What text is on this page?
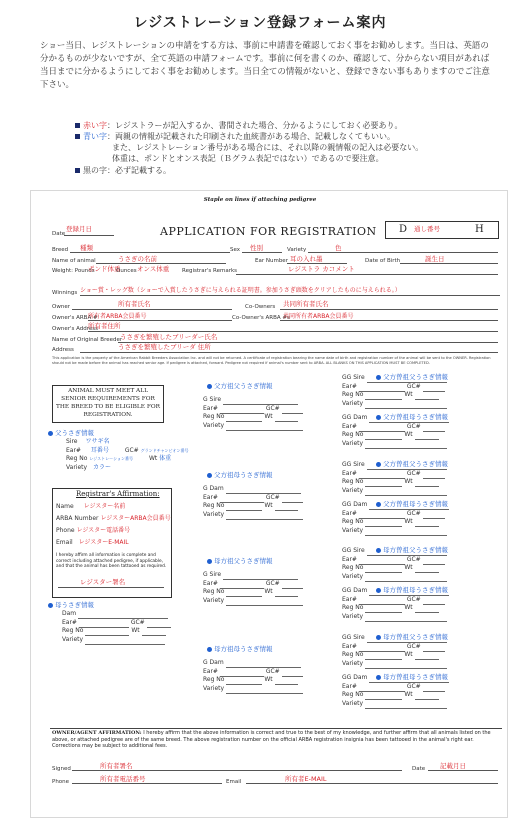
レジストレーション登録フォーム案内
ショー当日、レジストレーションの申請をする方は、事前に申請書を確認しておく事をお勧めします。当日は、英語の分かるものが少ないですが、全て英語の申請フォームです。事前に何を書くのか、確認して、分からない項目があれば当日までに分かるようにしておく事をお勧めします。当日全ての情報がないと、登録できない事もありますのでご注意下さい。
赤い字：レジストラーが記入するか、書間された場合、分かるようにしておく必要あり。
青い字：両親の情報が記載された印刷された血統書がある場合、記載しなくてもいい。
また、レジストレーション番号がある場合には、それ以降の親情報の記入は必要ない。
体重は、ポンドとオンス表記（Ｂグラム表記ではない）であるので要注意。
黒の字：必ず記載する。
Staple on lines if attaching pedigree
Date
登録月日	APPLICATION FOR REGISTRATION D 通し番号	H
Breed 種類	Sex 性別	Variety	色
Name of animal	うさぎの名前	Ear Number 耳の入れ墨	Date of Birth	誕生日
Weight: Pounds
ポンド体重
Ounces オンス体重 Registrar's Remarks	レジストラ カコメント
Winnings ショー賞・レッグ数（ショーで入賞したうさぎに与えられる証明書。参加うさぎ頭数をクリアしたものに与えられる。）
Owner	所有者氏名	Co-Owners 共同所有者氏名
Owner's ARBA #
所有者ARBA会員番号	Co-Owner's ARBA #s
共同所有者ARBA会員番号
Owner's Address
所有者住所
Name of Original Breeder
うさぎを繁殖したブリーダー氏名
Address	うさぎを繁殖したブリーダ 住所
This application is the property of the American Rabbit Breeders Association Inc. and will not be returned. A certificate of registration bearing the name date of birth and registration number of the animal will be sent to the OWNER. Registration should not be made before the animal has reached senior age. If pedigree is attached, forward. Pedigree not required if animal's number sent to ARBA. ALL BLANKS ON THIS APPLICATION MUST BE COMPLETED.
ANIMAL MUST MEET ALL SENIOR REQUIREMENTS FOR THE BREED TO BE ELIGIBLE FOR REGISTRATION.
父うさぎ情報
Sire ワサギ名
Ear# 耳番号	GC# グランドチャンピオン番号
Reg No レジストレーション番号	Wt 体重
Variety カラー
Registrar's Affirmation:
Name レジスター名前
ARBA Number レジスターARBA会員番号
Phone レジスター電話番号
Email レジスターE-MAIL
I hereby affirm all information is complete and correct including attached pedigree, if applicable, and that the animal has been tattooed as required.
レジスター署名
母うさぎ情報
Dam
Ear#	GC#
Reg No	Wt
Variety
父方祖父うさぎ情報
G Sire
Ear#	GC#
Reg No	Wt
Variety
父方祖母うさぎ情報
G Dam
Ear#	GC#
Reg No	Wt
Variety
母方祖父うさぎ情報
G Sire
Ear#	GC#
Reg No	Wt
Variety
母方祖母うさぎ情報
G Dam
Ear#	GC#
Reg No	Wt
Variety
父方曽祖父うさぎ情報
GG Sire
Ear#	GC#
Reg No	Wt
Variety
父方曽祖母うさぎ情報
GG Dam
Ear#	GC#
Reg No	Wt
Variety
父方曽祖父うさぎ情報
GG Sire
Ear#	GC#
Reg No	Wt
Variety
父方曽祖母うさぎ情報
GG Dam
Ear#	GC#
Reg No	Wt
Variety
母方曽祖父うさぎ情報
GG Sire
Ear#	GC#
Reg No	Wt
Variety
母方曽祖母うさぎ情報
GG Dam
Ear#	GC#
Reg No	Wt
Variety
母方曽祖父うさぎ情報
GG Sire
Ear#	GC#
Reg No	Wt
Variety
母方曽祖母うさぎ情報
GG Dam
Ear#	GC#
Reg No	Wt
Variety
OWNER/AGENT AFFIRMATION: I hereby affirm that the above information is correct and true to the best of my knowledge, and further affirm that all animals listed on the above, or attached pedigree are of the same breed. The above registration number on the official ARBA registration insignia has been tattooed in the animal's right ear. Corrections may be subject to additional fees.
Signed	所有者署名	Date 記載月日
Phone	所有者電話番号	Email	所有者E-MAIL
